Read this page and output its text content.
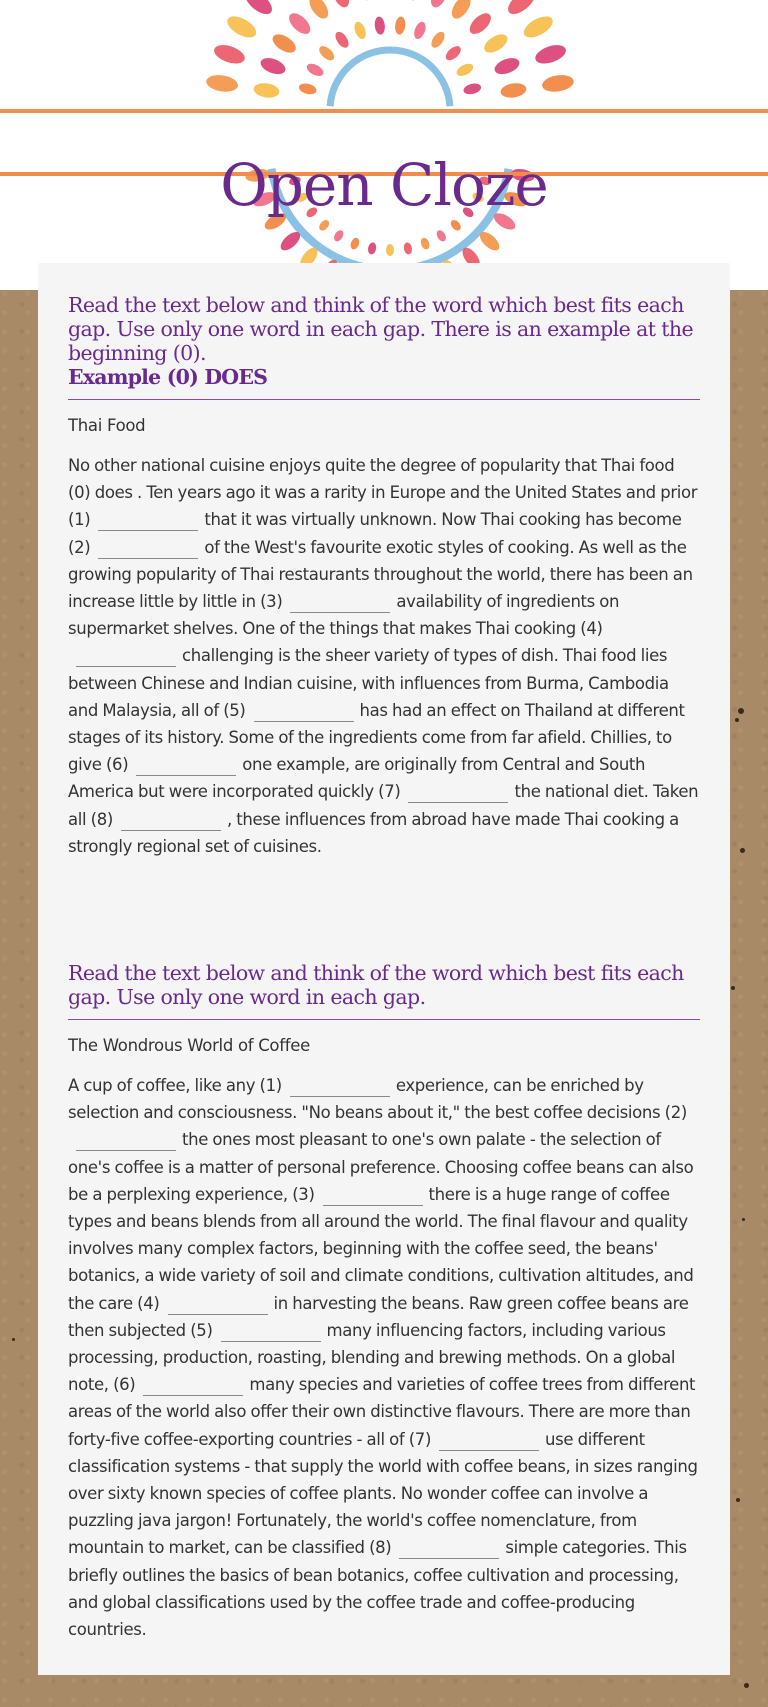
Open Cloze
Read the text below and think of the word which best fits each gap. Use only one word in each gap. There is an example at the beginning (0).
Example (0) DOES
Thai Food
No other national cuisine enjoys quite the degree of popularity that Thai food (0) does . Ten years ago it was a rarity in Europe and the United States and prior (1)	that it was virtually unknown. Now Thai cooking has become (2)	of the West's favourite exotic styles of cooking. As well as the growing popularity of Thai restaurants throughout the world, there has been an increase little by little in (3)	availability of ingredients on supermarket shelves. One of the things that makes Thai cooking (4)challenging is the sheer variety of types of dish. Thai food lies between Chinese and Indian cuisine, with influences from Burma, Cambodia and Malaysia, all of (5)	has had an effect on Thailand at different stages of its history. Some of the ingredients come from far afield. Chillies, to give (6)	one example, are originally from Central and South America but were incorporated quickly (7)	the national diet. Taken all (8)	, these influences from abroad have made Thai cooking a strongly regional set of cuisines.
Read the text below and think of the word which best fits each gap. Use only one word in each gap.
The Wondrous World of Coffee
A cup of coffee, like any (1)	experience, can be enriched by selection and consciousness. "No beans about it," the best coffee decisions (2)the ones most pleasant to one's own palate - the selection of one's coffee is a matter of personal preference. Choosing coffee beans can also be a perplexing experience, (3)	there is a huge range of coffee types and beans blends from all around the world. The final flavour and quality involves many complex factors, beginning with the coffee seed, the beans' botanics, a wide variety of soil and climate conditions, cultivation altitudes, and the care (4)	in harvesting the beans. Raw green coffee beans are then subjected (5)	many influencing factors, including various processing, production, roasting, blending and brewing methods. On a global note, (6)	many species and varieties of coffee trees from different areas of the world also offer their own distinctive flavours. There are more than forty-five coffee-exporting countries - all of (7)	use different classification systems - that supply the world with coffee beans, in sizes ranging over sixty known species of coffee plants. No wonder coffee can involve a puzzling java jargon! Fortunately, the world's coffee nomenclature, from mountain to market, can be classified (8)	simple categories. This briefly outlines the basics of bean botanics, coffee cultivation and processing, and global classifications used by the coffee trade and coffee-producing countries.
